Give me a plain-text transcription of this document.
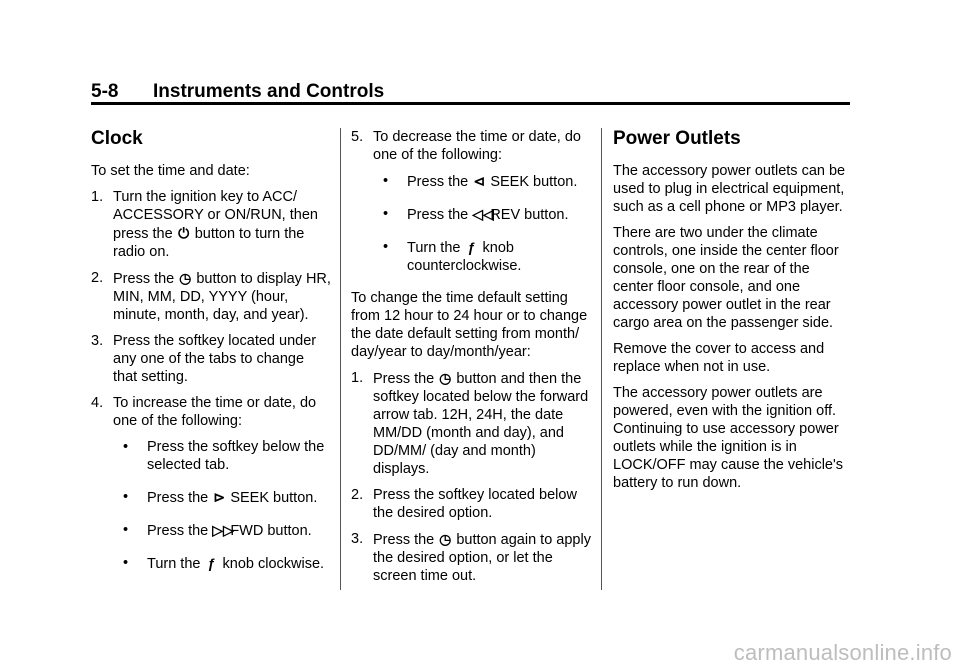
5-8 Instruments and Controls
Clock

To set the time and date:

1. Turn the ignition key to ACC/ ACCESSORY or ON/RUN, then press the ⏻ button to turn the radio on.
2. Press the ◷ button to display HR, MIN, MM, DD, YYYY (hour, minute, month, day, and year).
3. Press the softkey located under any one of the tabs to change that setting.
4. To increase the time or date, do one of the following:
• Press the softkey below the selected tab.
• Press the ⊳ SEEK button.
• Press the ▷▷ FWD button.
• Turn the ƒ knob clockwise.
5. To decrease the time or date, do one of the following:
• Press the ⊲ SEEK button.
• Press the ◁◁ REV button.
• Turn the ƒ knob counterclockwise.

To change the time default setting from 12 hour to 24 hour or to change the date default setting from month/ day/year to day/month/year:

1. Press the ◷ button and then the softkey located below the forward arrow tab. 12H, 24H, the date MM/DD (month and day), and DD/MM/ (day and month) displays.
2. Press the softkey located below the desired option.
3. Press the ◷ button again to apply the desired option, or let the screen time out.
Power Outlets

The accessory power outlets can be used to plug in electrical equipment, such as a cell phone or MP3 player.

There are two under the climate controls, one inside the center floor console, one on the rear of the center floor console, and one accessory power outlet in the rear cargo area on the passenger side.

Remove the cover to access and replace when not in use.

The accessory power outlets are powered, even with the ignition off. Continuing to use accessory power outlets while the ignition is in LOCK/OFF may cause the vehicle's battery to run down.

carmanualsonline.info
